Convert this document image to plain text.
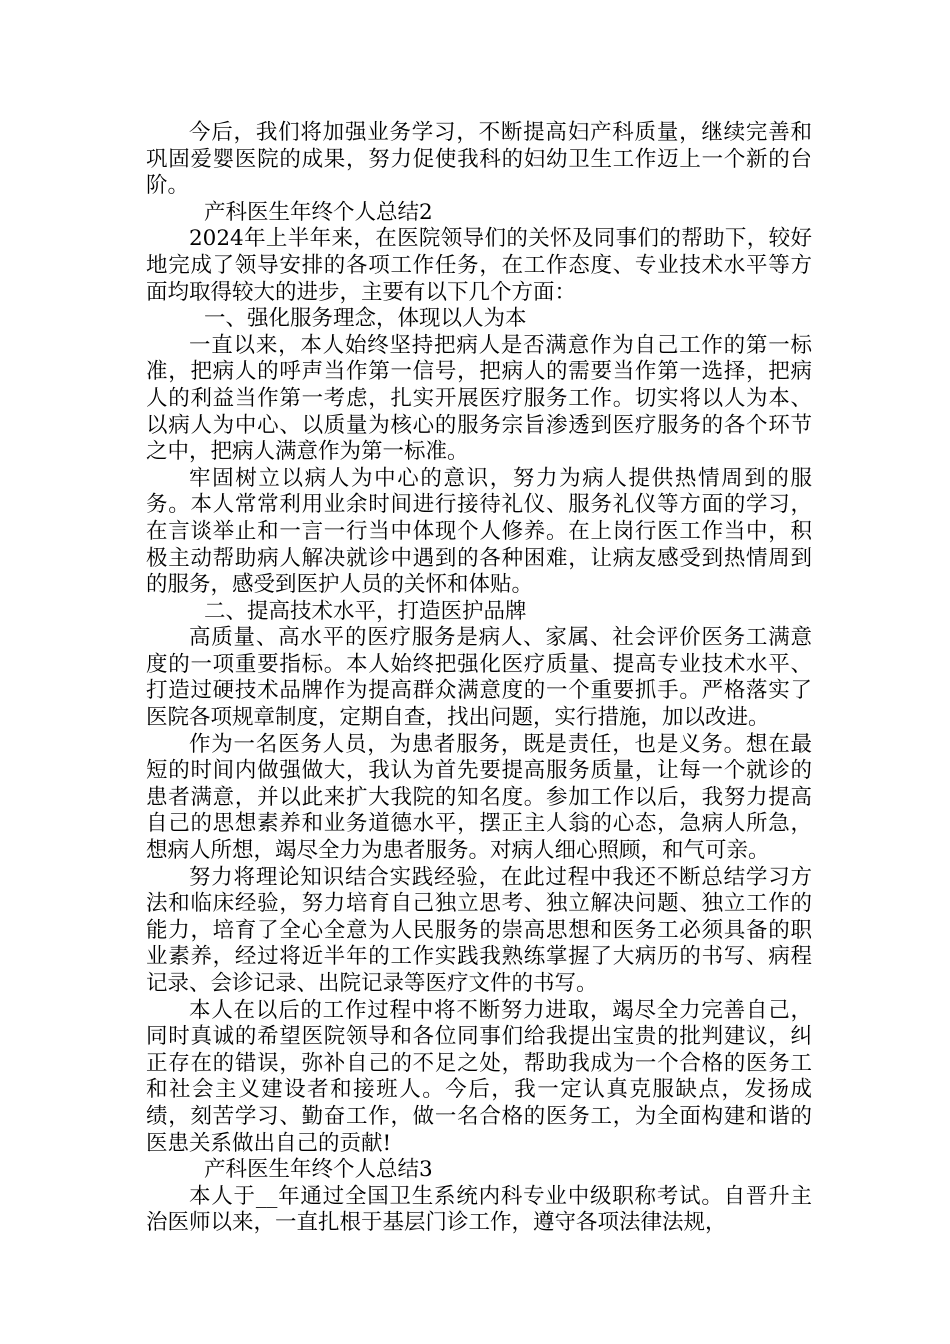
今后，我们将加强业务学习，不断提高妇产科质量，继续完善和巩固爱婴医院的成果，努力促使我科的妇幼卫生工作迈上一个新的台阶。

产科医生年终个人总结2

2024年上半年来，在医院领导们的关怀及同事们的帮助下，较好地完成了领导安排的各项工作任务，在工作态度、专业技术水平等方面均取得较大的进步，主要有以下几个方面：

一、强化服务理念，体现以人为本

一直以来，本人始终坚持把病人是否满意作为自己工作的第一标准，把病人的呼声当作第一信号，把病人的需要当作第一选择，把病人的利益当作第一考虑，扎实开展医疗服务工作。切实将以人为本、以病人为中心、以质量为核心的服务宗旨渗透到医疗服务的各个环节之中，把病人满意作为第一标准。

牢固树立以病人为中心的意识，努力为病人提供热情周到的服务。本人常常利用业余时间进行接待礼仪、服务礼仪等方面的学习，在言谈举止和一言一行当中体现个人修养。在上岗行医工作当中，积极主动帮助病人解决就诊中遇到的各种困难，让病友感受到热情周到的服务，感受到医护人员的关怀和体贴。

二、提高技术水平，打造医护品牌

高质量、高水平的医疗服务是病人、家属、社会评价医务工满意度的一项重要指标。本人始终把强化医疗质量、提高专业技术水平、打造过硬技术品牌作为提高群众满意度的一个重要抓手。严格落实了医院各项规章制度，定期自查，找出问题，实行措施，加以改进。

作为一名医务人员，为患者服务，既是责任，也是义务。想在最短的时间内做强做大，我认为首先要提高服务质量，让每一个就诊的患者满意，并以此来扩大我院的知名度。参加工作以后，我努力提高自己的思想素养和业务道德水平，摆正主人翁的心态，急病人所急，想病人所想，竭尽全力为患者服务。对病人细心照顾，和气可亲。

努力将理论知识结合实践经验，在此过程中我还不断总结学习方法和临床经验，努力培育自己独立思考、独立解决问题、独立工作的能力，培育了全心全意为人民服务的崇高思想和医务工必须具备的职业素养，经过将近半年的工作实践我熟练掌握了大病历的书写、病程记录、会诊记录、出院记录等医疗文件的书写。

本人在以后的工作过程中将不断努力进取，竭尽全力完善自己，同时真诚的希望医院领导和各位同事们给我提出宝贵的批判建议，纠正存在的错误，弥补自己的不足之处，帮助我成为一个合格的医务工和社会主义建设者和接班人。今后，我一定认真克服缺点，发扬成绩，刻苦学习、勤奋工作，做一名合格的医务工，为全面构建和谐的医患关系做出自己的贡献!

产科医生年终个人总结3

本人于__年通过全国卫生系统内科专业中级职称考试。自晋升主治医师以来，一直扎根于基层门诊工作，遵守各项法律法规，
